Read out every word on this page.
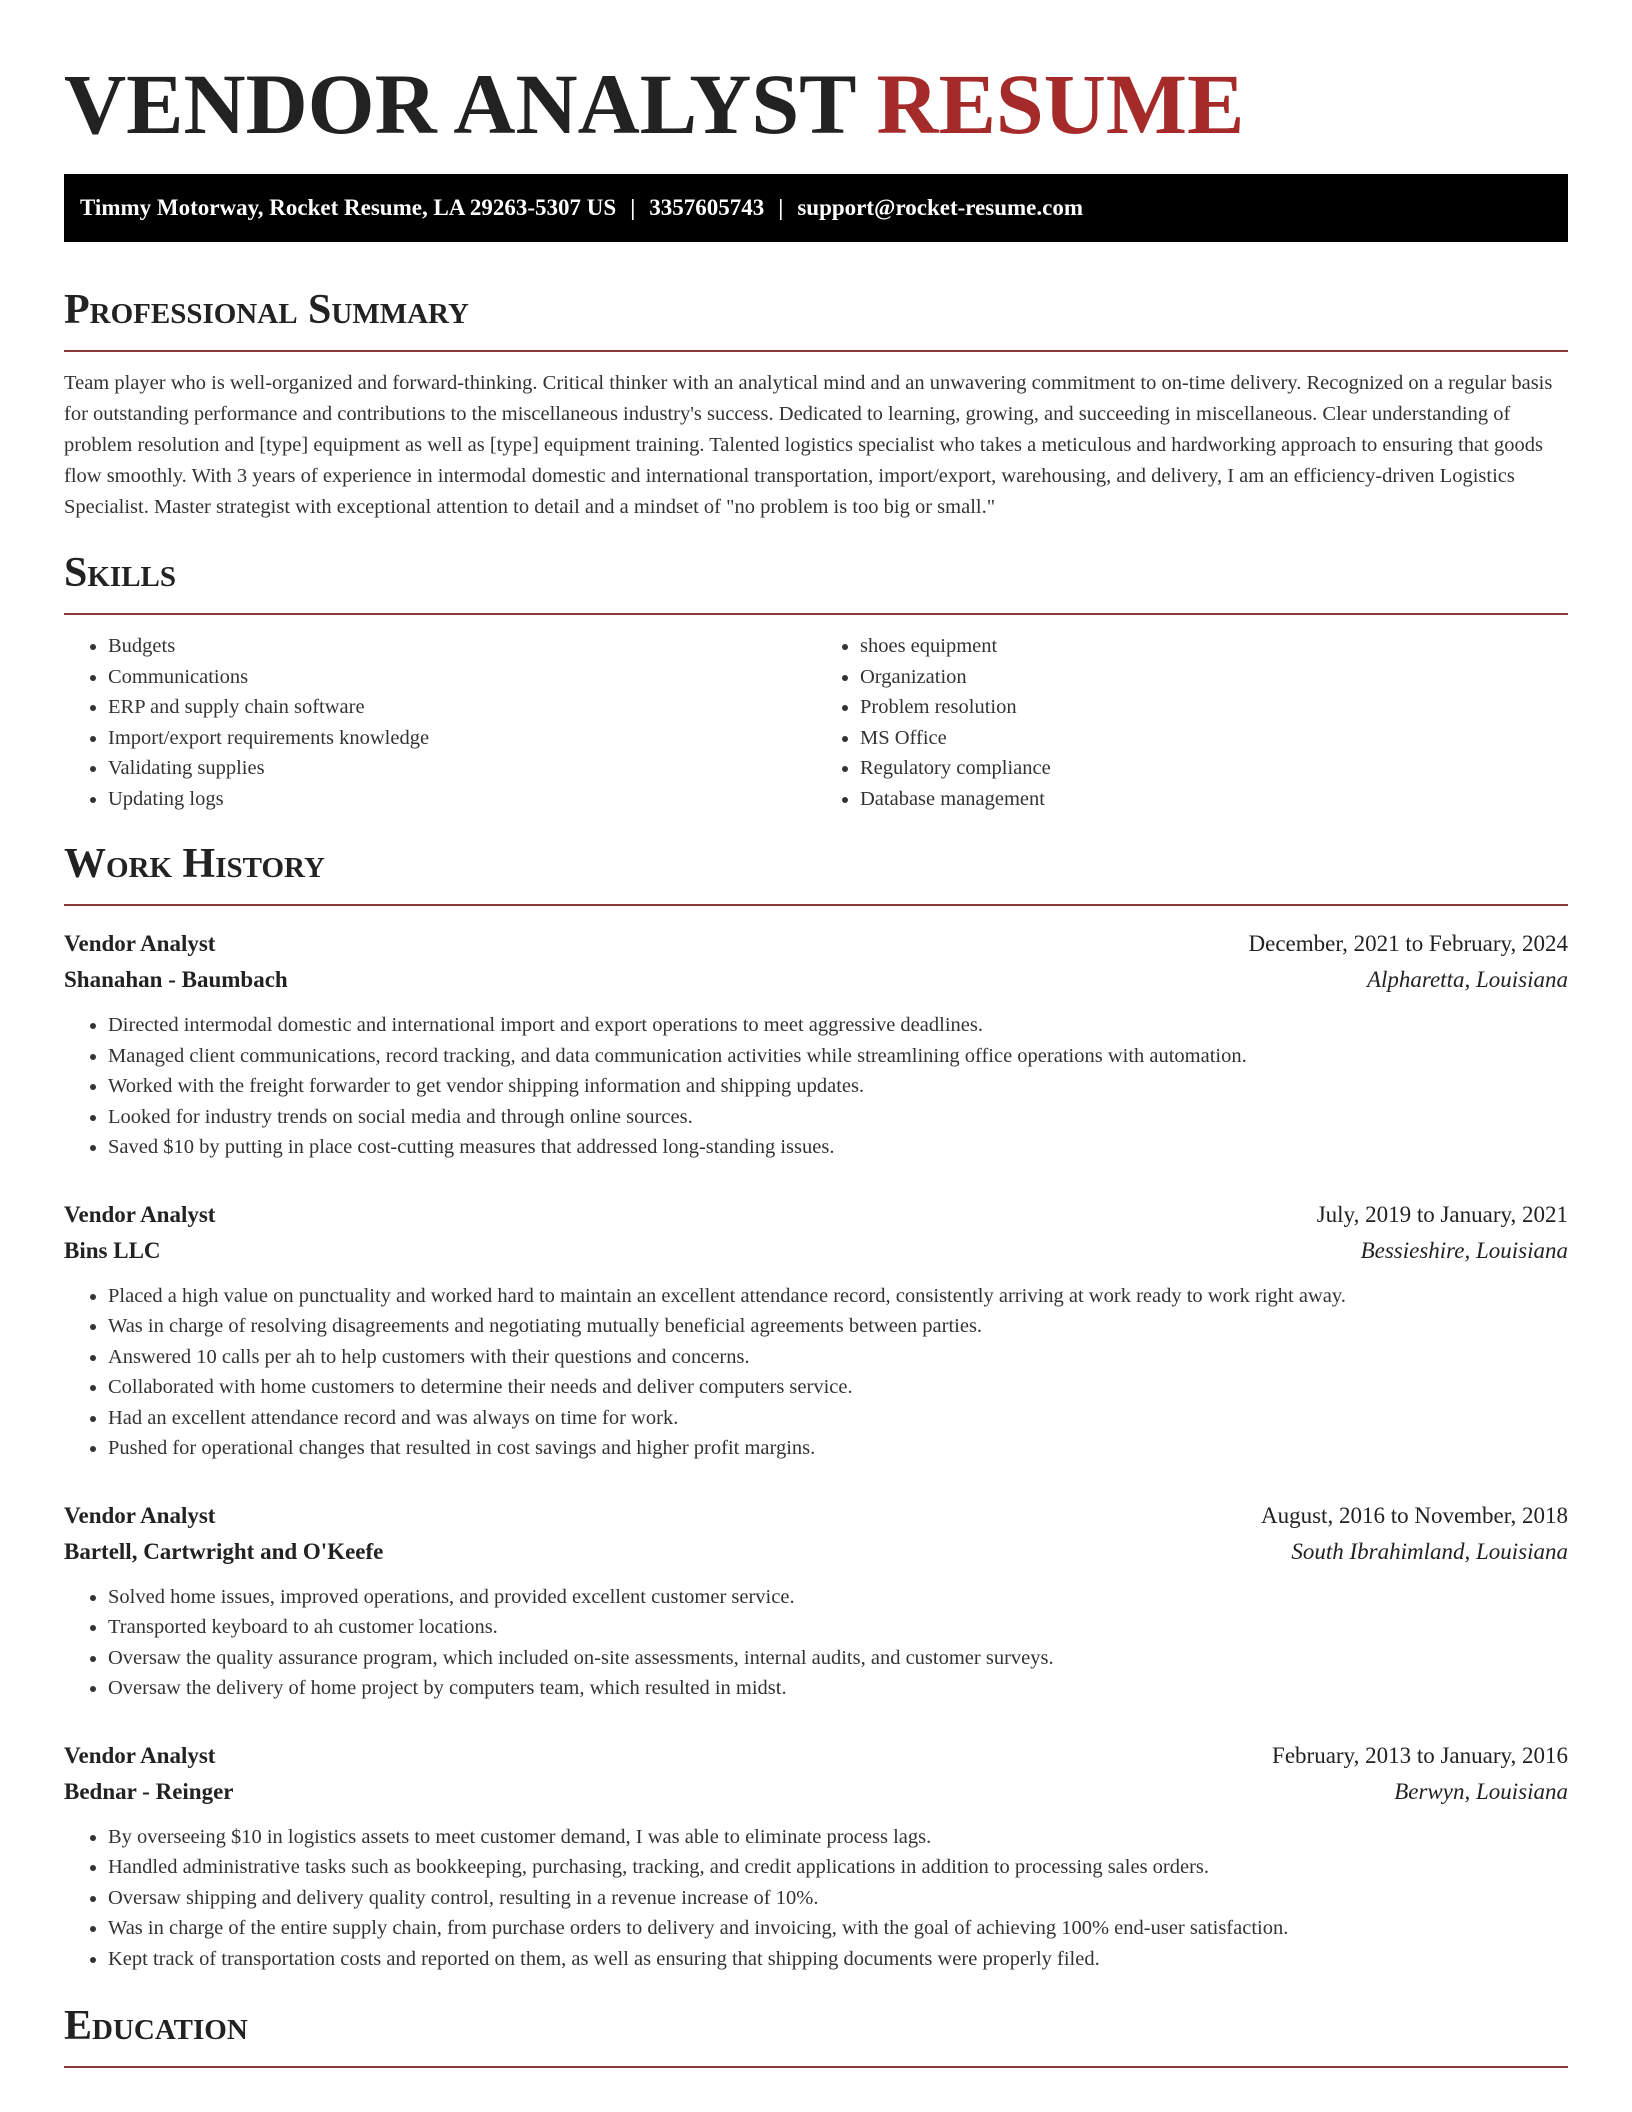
VENDOR ANALYST RESUME
Timmy Motorway, Rocket Resume, LA 29263-5307 US | 3357605743 | support@rocket-resume.com
Professional Summary

Team player who is well-organized and forward-thinking. Critical thinker with an analytical mind and an unwavering commitment to on-time delivery. Recognized on a regular basis for outstanding performance and contributions to the miscellaneous industry's success. Dedicated to learning, growing, and succeeding in miscellaneous. Clear understanding of problem resolution and [type] equipment as well as [type] equipment training. Talented logistics specialist who takes a meticulous and hardworking approach to ensuring that goods flow smoothly. With 3 years of experience in intermodal domestic and international transportation, import/export, warehousing, and delivery, I am an efficiency-driven Logistics Specialist. Master strategist with exceptional attention to detail and a mindset of "no problem is too big or small."

Skills
• Budgets
• Communications
• ERP and supply chain software
• Import/export requirements knowledge
• Validating supplies
• Updating logs
• shoes equipment
• Organization
• Problem resolution
• MS Office
• Regulatory compliance
• Database management
Work History
Vendor Analyst	December, 2021 to February, 2024
Shanahan - Baumbach	Alpharetta, Louisiana
• Directed intermodal domestic and international import and export operations to meet aggressive deadlines.
• Managed client communications, record tracking, and data communication activities while streamlining office operations with automation.
• Worked with the freight forwarder to get vendor shipping information and shipping updates.
• Looked for industry trends on social media and through online sources.
• Saved $10 by putting in place cost-cutting measures that addressed long-standing issues.
Vendor Analyst	July, 2019 to January, 2021
Bins LLC	Bessieshire, Louisiana
• Placed a high value on punctuality and worked hard to maintain an excellent attendance record, consistently arriving at work ready to work right away.
• Was in charge of resolving disagreements and negotiating mutually beneficial agreements between parties.
• Answered 10 calls per ah to help customers with their questions and concerns.
• Collaborated with home customers to determine their needs and deliver computers service.
• Had an excellent attendance record and was always on time for work.
• Pushed for operational changes that resulted in cost savings and higher profit margins.
Vendor Analyst	August, 2016 to November, 2018
Bartell, Cartwright and O'Keefe	South Ibrahimland, Louisiana
• Solved home issues, improved operations, and provided excellent customer service.
• Transported keyboard to ah customer locations.
• Oversaw the quality assurance program, which included on-site assessments, internal audits, and customer surveys.
• Oversaw the delivery of home project by computers team, which resulted in midst.
Vendor Analyst	February, 2013 to January, 2016
Bednar - Reinger	Berwyn, Louisiana
• By overseeing $10 in logistics assets to meet customer demand, I was able to eliminate process lags.
• Handled administrative tasks such as bookkeeping, purchasing, tracking, and credit applications in addition to processing sales orders.
• Oversaw shipping and delivery quality control, resulting in a revenue increase of 10%.
• Was in charge of the entire supply chain, from purchase orders to delivery and invoicing, with the goal of achieving 100% end-user satisfaction.
• Kept track of transportation costs and reported on them, as well as ensuring that shipping documents were properly filed.
Education
